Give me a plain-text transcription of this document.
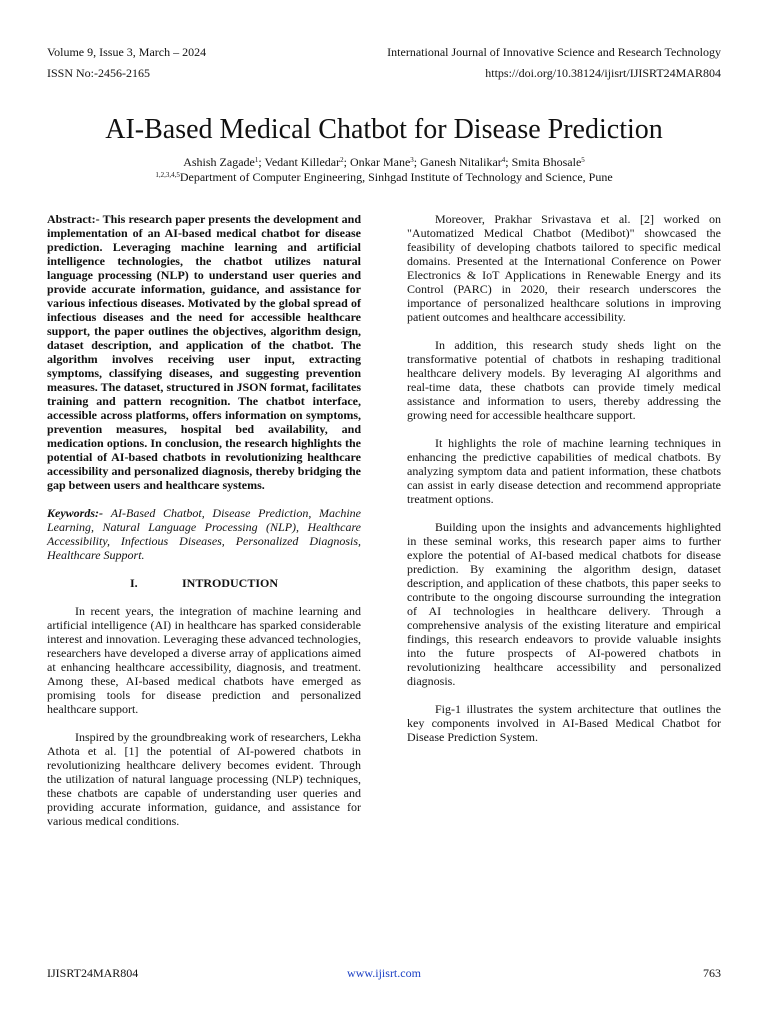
Volume 9, Issue 3, March – 2024	International Journal of Innovative Science and Research Technology
ISSN No:-2456-2165	https://doi.org/10.38124/ijisrt/IJISRT24MAR804
AI-Based Medical Chatbot for Disease Prediction
Ashish Zagade$^1$; Vedant Killedar$^2$; Onkar Mane$^3$; Ganesh Nitalikar$^4$; Smita Bhosale$^5$
$^{1,2,3,4,5}$Department of Computer Engineering, Sinhgad Institute of Technology and Science, Pune

Abstract:- This research paper presents the development and implementation of an AI-based medical chatbot for disease prediction. Leveraging machine learning and artificial intelligence technologies, the chatbot utilizes natural language processing (NLP) to understand user queries and provide accurate information, guidance, and assistance for various infectious diseases. Motivated by the global spread of infectious diseases and the need for accessible healthcare support, the paper outlines the objectives, algorithm design, dataset description, and application of the chatbot. The algorithm involves receiving user input, extracting symptoms, classifying diseases, and suggesting prevention measures. The dataset, structured in JSON format, facilitates training and pattern recognition. The chatbot interface, accessible across platforms, offers information on symptoms, prevention measures, hospital bed availability, and medication options. In conclusion, the research highlights the potential of AI-based chatbots in revolutionizing healthcare accessibility and personalized diagnosis, thereby bridging the gap between users and healthcare systems.

Keywords:- AI-Based Chatbot, Disease Prediction, Machine Learning, Natural Language Processing (NLP), Healthcare Accessibility, Infectious Diseases, Personalized Diagnosis, Healthcare Support.

I.	INTRODUCTION

In recent years, the integration of machine learning and artificial intelligence (AI) in healthcare has sparked considerable interest and innovation. Leveraging these advanced technologies, researchers have developed a diverse array of applications aimed at enhancing healthcare accessibility, diagnosis, and treatment. Among these, AI-based medical chatbots have emerged as promising tools for disease prediction and personalized healthcare support.

Inspired by the groundbreaking work of researchers, Lekha Athota et al. [1] the potential of AI-powered chatbots in revolutionizing healthcare delivery becomes evident. Through the utilization of natural language processing (NLP) techniques, these chatbots are capable of understanding user queries and providing accurate information, guidance, and assistance for various medical conditions.

Moreover, Prakhar Srivastava et al. [2] worked on "Automatized Medical Chatbot (Medibot)" showcased the feasibility of developing chatbots tailored to specific medical domains. Presented at the International Conference on Power Electronics & IoT Applications in Renewable Energy and its Control (PARC) in 2020, their research underscores the importance of personalized healthcare solutions in improving patient outcomes and healthcare accessibility.

In addition, this research study sheds light on the transformative potential of chatbots in reshaping traditional healthcare delivery models. By leveraging AI algorithms and real-time data, these chatbots can provide timely medical assistance and information to users, thereby addressing the growing need for accessible healthcare support.

It highlights the role of machine learning techniques in enhancing the predictive capabilities of medical chatbots. By analyzing symptom data and patient information, these chatbots can assist in early disease detection and recommend appropriate treatment options.

Building upon the insights and advancements highlighted in these seminal works, this research paper aims to further explore the potential of AI-based medical chatbots for disease prediction. By examining the algorithm design, dataset description, and application of these chatbots, this paper seeks to contribute to the ongoing discourse surrounding the integration of AI technologies in healthcare delivery. Through a comprehensive analysis of the existing literature and empirical findings, this research endeavors to provide valuable insights into the future prospects of AI-powered chatbots in revolutionizing healthcare accessibility and personalized diagnosis.

Fig-1 illustrates the system architecture that outlines the key components involved in AI-Based Medical Chatbot for Disease Prediction System.

IJISRT24MAR804	www.ijisrt.com	763
